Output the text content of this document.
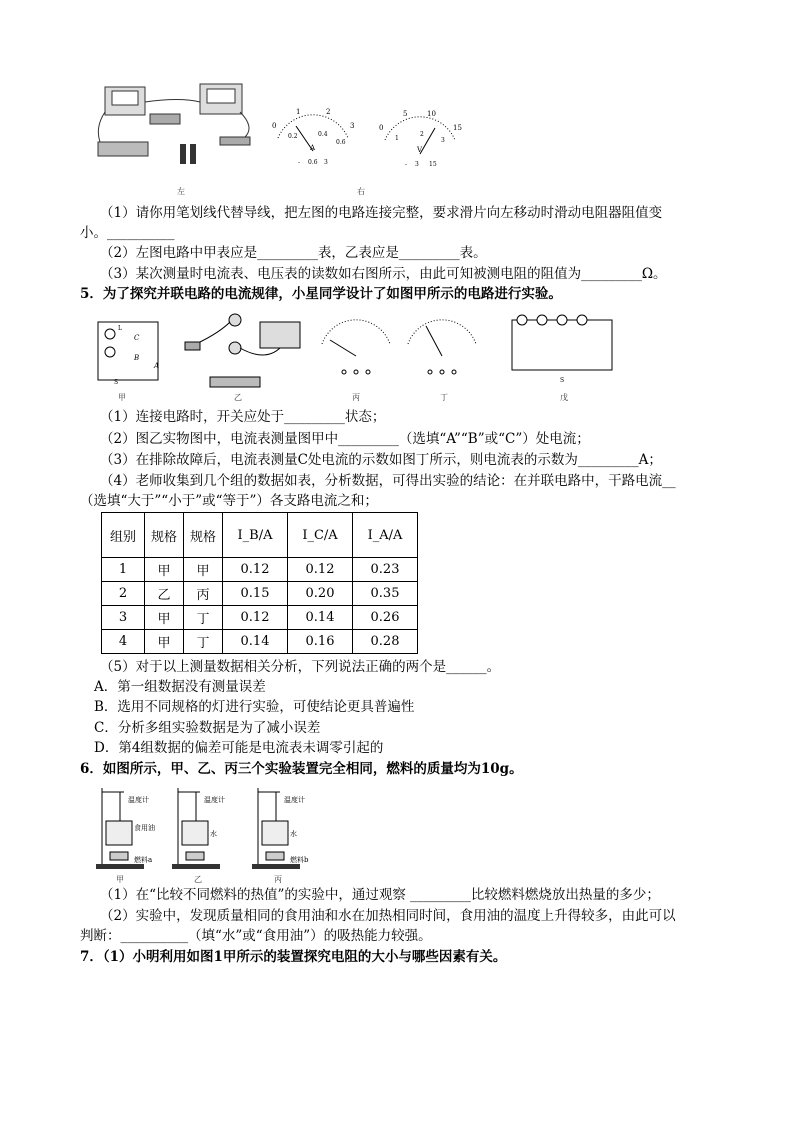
左
0
1	2
3
0.2	0.4
0.6
A
- 0.6 3
0
5	10
15
1
2
3
V
- 3 15
右
（1）请你用笔划线代替导线，把左图的电路连接完整，要求滑片向左移动时滑动电阻器阻值变
小。__________
（2）左图电路中甲表应是_________表，乙表应是_________表。
（3）某次测量时电流表、电压表的读数如右图所示，由此可知被测电阻的阻值为_________Ω。
5．为了探究并联电路的电流规律，小星同学设计了如图甲所示的电路进行实验。
L
C
B
A
S	S
甲	乙	丙	丁	戊
（1）连接电路时，开关应处于_________状态；
（2）图乙实物图中，电流表测量图甲中_________（选填“A”“B”或“C”）处电流；
（3）在排除故障后，电流表测量C处电流的示数如图丁所示，则电流表的示数为_________A；
（4）老师收集到几个组的数据如表，分析数据，可得出实验的结论：在并联电路中，干路电流__
（选填“大于”“小于”或“等于”）各支路电流之和；
组别	规格	规格	I_B/A	I_C/A	I_A/A
1	甲	甲	0.12	0.12	0.23
2	乙	丙	0.15	0.20	0.35
3	甲	丁	0.12	0.14	0.26
4	甲	丁	0.14	0.16	0.28
（5）对于以上测量数据相关分析，下列说法正确的两个是______。
A．第一组数据没有测量误差
B．选用不同规格的灯进行实验，可使结论更具普遍性
C．分析多组实验数据是为了减小误差
D．第4组数据的偏差可能是电流表未调零引起的
6．如图所示，甲、乙、丙三个实验装置完全相同，燃料的质量均为10g。
温度计
食用油
燃料a
温度计
水
温度计
水
燃料b
甲	乙	丙
（1）在“比较不同燃料的热值”的实验中，通过观察 _________比较燃料燃烧放出热量的多少；
（2）实验中，发现质量相同的食用油和水在加热相同时间，食用油的温度上升得较多，由此可以
判断：__________（填“水”或“食用油”）的吸热能力较强。
7．（1）小明利用如图1甲所示的装置探究电阻的大小与哪些因素有关。
